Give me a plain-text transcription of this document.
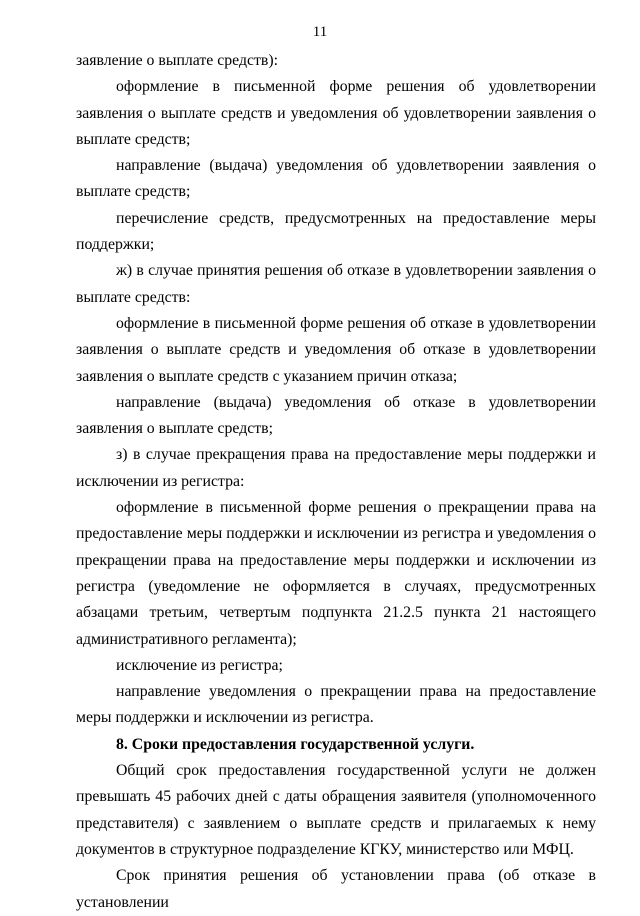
11

заявление о выплате средств):

оформление в письменной форме решения об удовлетворении заявления о выплате средств и уведомления об удовлетворении заявления о выплате средств;

направление (выдача) уведомления об удовлетворении заявления о выплате средств;

перечисление средств, предусмотренных на предоставление меры поддержки;

ж) в случае принятия решения об отказе в удовлетворении заявления о выплате средств:

оформление в письменной форме решения об отказе в удовлетворении заявления о выплате средств и уведомления об отказе в удовлетворении заявления о выплате средств с указанием причин отказа;

направление (выдача) уведомления об отказе в удовлетворении заявления о выплате средств;

з) в случае прекращения права на предоставление меры поддержки и исключении из регистра:

оформление в письменной форме решения о прекращении права на предоставление меры поддержки и исключении из регистра и уведомления о прекращении права на предоставление меры поддержки и исключении из регистра (уведомление не оформляется в случаях, предусмотренных абзацами третьим, четвертым подпункта 21.2.5 пункта 21 настоящего административного регламента);

исключение из регистра;

направление уведомления о прекращении права на предоставление меры поддержки и исключении из регистра.

8. Сроки предоставления государственной услуги.

Общий срок предоставления государственной услуги не должен превышать 45 рабочих дней с даты обращения заявителя (уполномоченного представителя) с заявлением о выплате средств и прилагаемых к нему документов в структурное подразделение КГКУ, министерство или МФЦ.

Срок принятия решения об установлении права (об отказе в установлении
